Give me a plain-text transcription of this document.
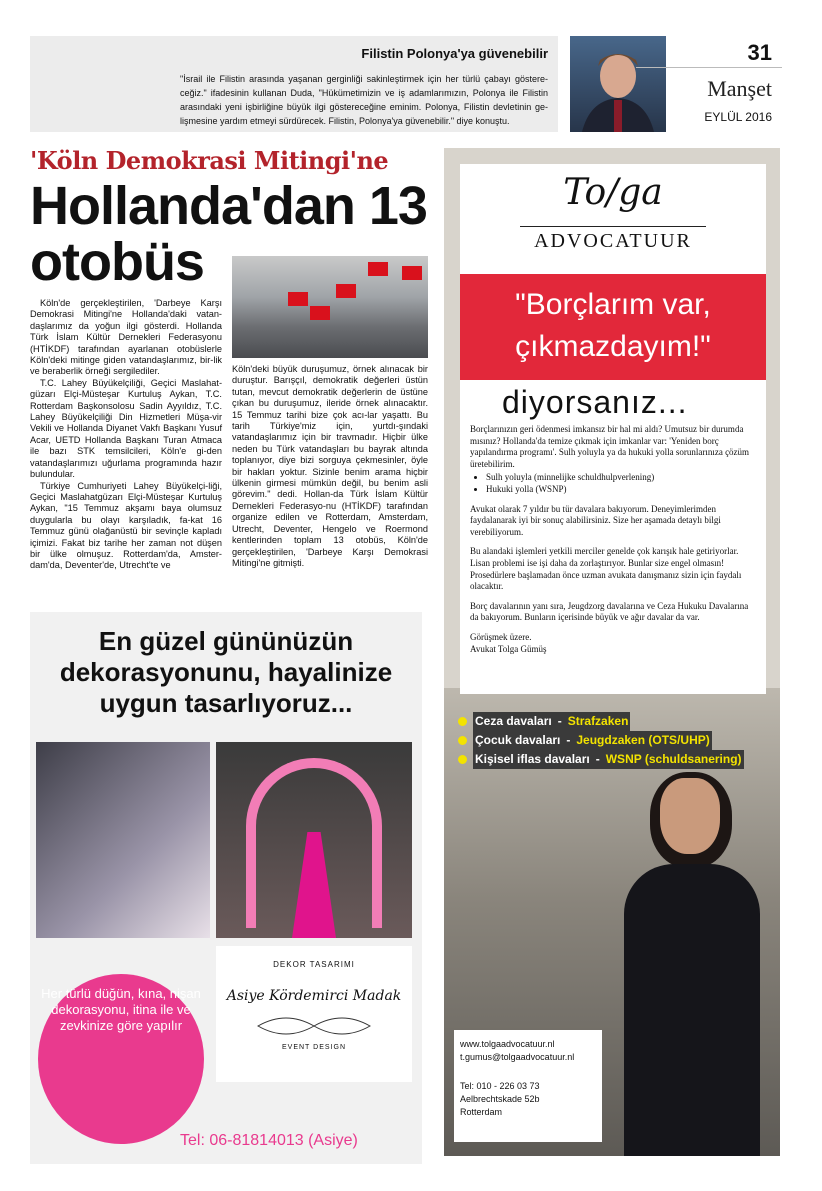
Filistin Polonya'ya güvenebilir
"İsrail ile Filistin arasında yaşanan gerginliği sakinleştirmek için her türlü çabayı göstere-ceğiz." ifadesinin kullanan Duda, "Hükümetimizin ve iş adamlarımızın, Polonya ile Filistin arasındaki yeni işbirliğine büyük ilgi göstereceğine eminim. Polonya, Filistin devletinin ge-lişmesine yardım etmeyi sürdürecek. Filistin, Polonya'ya güvenebilir." diye konuştu.
31
Manşet
EYLÜL 2016
'Köln Demokrasi Mitingi'ne
Hollanda'dan 13 otobüs

Köln'de gerçekleştirilen, 'Darbeye Karşı Demokrasi Mitingi'ne Hollanda'daki vatan-daşlarımız da yoğun ilgi gösterdi. Hollanda Türk İslam Kültür Dernekleri Federasyonu (HTİKDF) tarafından ayarlanan otobüslerle Köln'deki mitinge giden vatandaşlarımız, bir-lik ve beraberlik örneği sergilediler.

T.C. Lahey Büyükelçiliği, Geçici Maslahat-güzarı Elçi-Müsteşar Kurtuluş Aykan, T.C. Rotterdam Başkonsolosu Sadin Ayyıldız, T.C. Lahey Büyükelçiliği Din Hizmetleri Müşa-vir Vekili ve Hollanda Diyanet Vakfı Başkanı Yusuf Acar, UETD Hollanda Başkanı Turan Atmaca ile bazı STK temsilcileri, Köln'e gi-den vatandaşlarımızı uğurlama programında hazır bulundular.

Türkiye Cumhuriyeti Lahey Büyükelçi-liği, Geçici Maslahatgüzarı Elçi-Müsteşar Kurtuluş Aykan, "15 Temmuz akşamı baya olumsuz duygularla bu olayı karşıladık, fa-kat 16 Temmuz günü olağanüstü bir sevinçle kapladı içimizi. Fakat biz tarihe her zaman not düşen bir ülke olmuşuz. Rotterdam'da, Amster-dam'da, Deventer'de, Utrecht'te ve

Köln'deki büyük duruşumuz, örnek alınacak bir duruştur. Barışçıl, demokratik değerleri üstün tutan, mevcut demokratik değerlerin de üstüne çıkan bu duruşumuz, ileride örnek alınacaktır. 15 Temmuz tarihi bize çok acı-lar yaşattı. Bu tarih Türkiye'miz için, yurtdı-şındaki vatandaşlarımız için bir travmadır. Hiçbir ülke neden bu Türk vatandaşları bu bayrak altında toplanıyor, diye bizi sorguya çekmesinler, öyle bir hakları yoktur. Sizinle benim arama hiçbir ülkenin girmesi mümkün değil, bu benim asli görevim." dedi. Hollan-da Türk İslam Kültür Dernekleri Federasyo-nu (HTİKDF) tarafından organize edilen ve Rotterdam, Amsterdam, Utrecht, Deventer, Hengelo ve Roermond kentlerinden toplam 13 otobüs, Köln'de gerçekleştirilen, 'Darbeye Karşı Demokrasi Mitingi'ne gitmişti.

En güzel gününüzün dekorasyonunu, hayalinize uygun tasarlıyoruz...
DEKOR TASARIMI
Asiye Kördemirci Madak
EVENT DESIGN
Her türlü düğün, kına, nişan dekorasyonu, itina ile ve zevkinize göre yapılır
Tel: 06-81814013 (Asiye)
To/ga
ADVOCATUUR
"Borçlarım var, çıkmazdayım!"
diyorsanız...

Borçlarınızın geri ödenmesi imkansız bir hal mi aldı? Umutsuz bir durumda mısınız? Hollanda'da temize çıkmak için imkanlar var: 'Yeniden borç yapılandırma programı'. Sulh yoluyla ya da hukuki yolla sorunlarınıza çözüm üretebilirim.

• Sulh yoluyla (minnelijke schuldhulpverlening)
• Hukuki yolla (WSNP)

Avukat olarak 7 yıldır bu tür davalara bakıyorum. Deneyimlerimden faydalanarak iyi bir sonuç alabilirsiniz. Size her aşamada detaylı bilgi verebiliyorum.

Bu alandaki işlemleri yetkili merciler genelde çok karışık hale getiriyorlar. Lisan problemi ise işi daha da zorlaştırıyor. Bunlar size engel olmasın! Prosedürlere başlamadan önce uzman avukata danışmanız sizin için faydalı olacaktır.

Borç davalarının yanı sıra, Jeugdzorg davalarına ve Ceza Hukuku Davalarına da bakıyorum. Bunların içerisinde büyük ve ağır davalar da var.

Görüşmek üzere.
Avukat Tolga Gümüş
Ceza davaları - Strafzaken
Çocuk davaları - Jeugdzaken (OTS/UHP)
Kişisel iflas davaları - WSNP (schuldsanering)
www.tolgaadvocatuur.nl
t.gumus@tolgaadvocatuur.nl
Tel: 010 - 226 03 73
Aelbrechtskade 52b
Rotterdam
